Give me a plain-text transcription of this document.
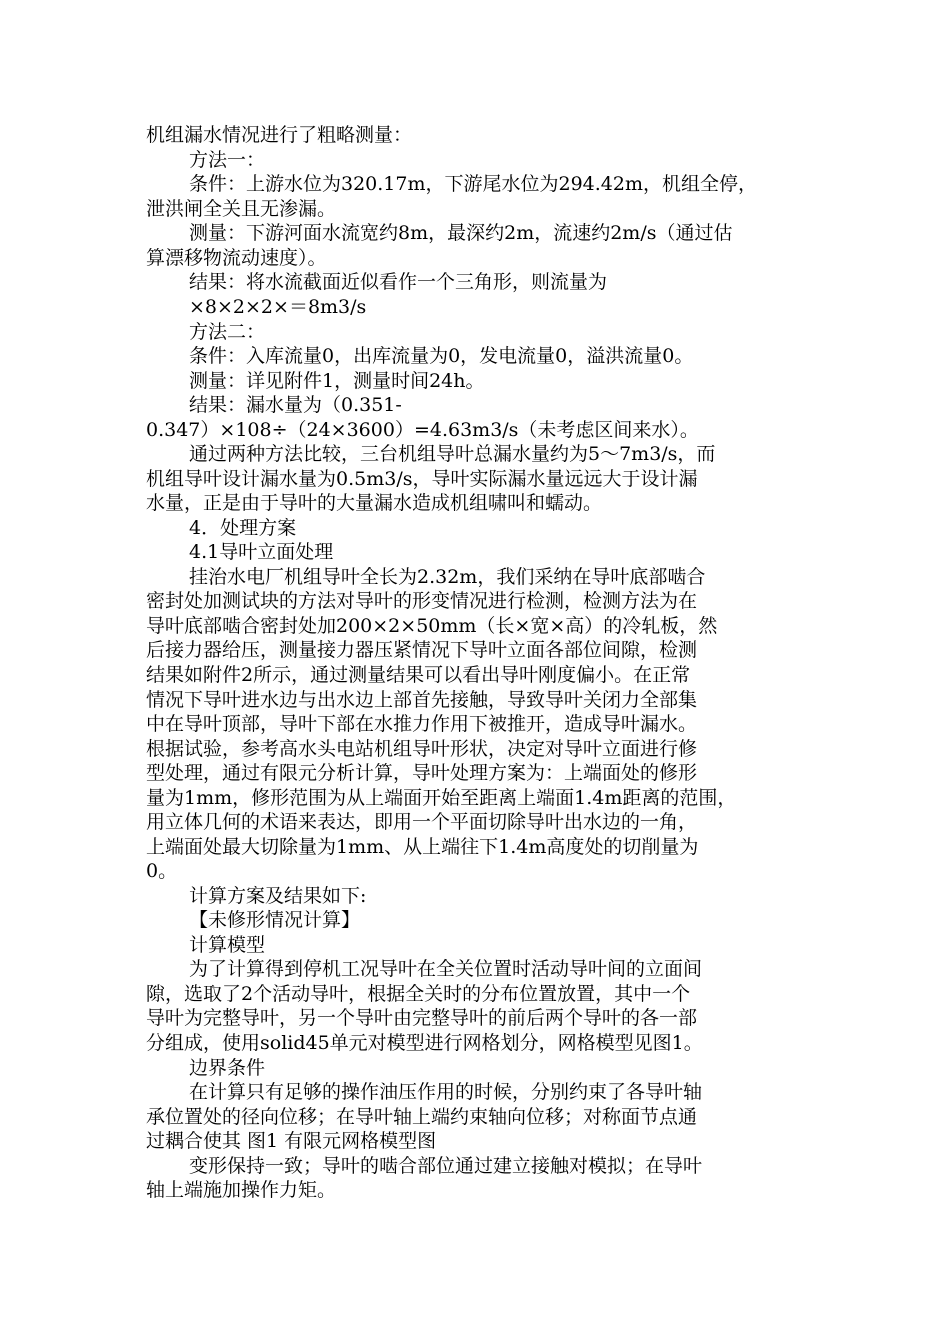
机组漏水情况进行了粗略测量：
方法一：
条件：上游水位为320.17m，下游尾水位为294.42m，机组全停，
泄洪闸全关且无渗漏。
测量：下游河面水流宽约8m，最深约2m，流速约2m/s（通过估
算漂移物流动速度）。
结果：将水流截面近似看作一个三角形，则流量为
×8×2×2×＝8m3/s
方法二：
条件：入库流量0，出库流量为0，发电流量0，溢洪流量0。
测量：详见附件1，测量时间24h。
结果：漏水量为（0.351-
0.347）×108÷（24×3600）=4.63m3/s（未考虑区间来水）。
通过两种方法比较，三台机组导叶总漏水量约为5～7m3/s，而
机组导叶设计漏水量为0.5m3/s，导叶实际漏水量远远大于设计漏
水量，正是由于导叶的大量漏水造成机组啸叫和蠕动。
4．处理方案
4.1导叶立面处理
挂治水电厂机组导叶全长为2.32m，我们采纳在导叶底部啮合
密封处加测试块的方法对导叶的形变情况进行检测，检测方法为在
导叶底部啮合密封处加200×2×50mm（长×宽×高）的冷轧板，然
后接力器给压，测量接力器压紧情况下导叶立面各部位间隙，检测
结果如附件2所示，通过测量结果可以看出导叶刚度偏小。在正常
情况下导叶进水边与出水边上部首先接触，导致导叶关闭力全部集
中在导叶顶部，导叶下部在水推力作用下被推开，造成导叶漏水。
根据试验，参考高水头电站机组导叶形状，决定对导叶立面进行修
型处理，通过有限元分析计算，导叶处理方案为：上端面处的修形
量为1mm，修形范围为从上端面开始至距离上端面1.4m距离的范围，
用立体几何的术语来表达，即用一个平面切除导叶出水边的一角，
上端面处最大切除量为1mm、从上端往下1.4m高度处的切削量为
0。
计算方案及结果如下:
【未修形情况计算】
计算模型
为了计算得到停机工况导叶在全关位置时活动导叶间的立面间
隙，选取了2个活动导叶，根据全关时的分布位置放置，其中一个
导叶为完整导叶，另一个导叶由完整导叶的前后两个导叶的各一部
分组成，使用solid45单元对模型进行网格划分，网格模型见图1。
边界条件
在计算只有足够的操作油压作用的时候，分别约束了各导叶轴
承位置处的径向位移；在导叶轴上端约束轴向位移；对称面节点通
过耦合使其 图1 有限元网格模型图
变形保持一致；导叶的啮合部位通过建立接触对模拟；在导叶
轴上端施加操作力矩。
